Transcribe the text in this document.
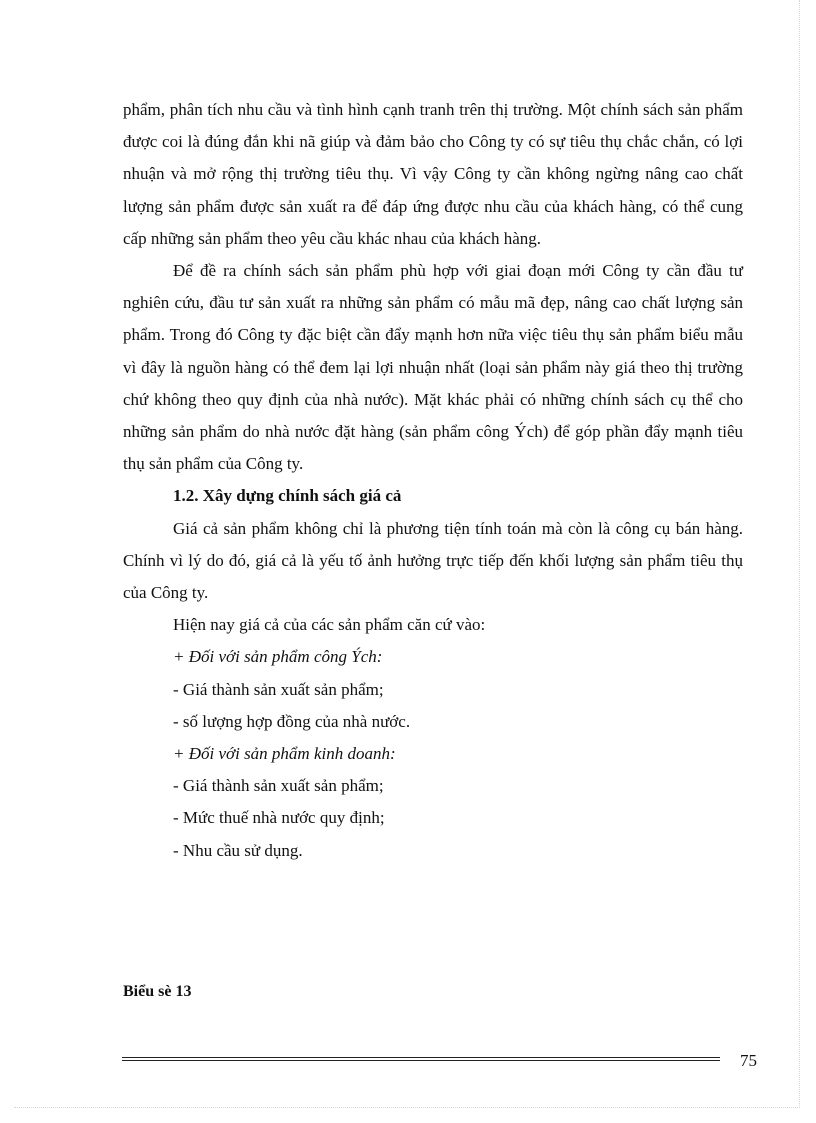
phẩm, phân tích nhu cầu và tình hình cạnh tranh trên thị trường. Một chính sách sản phẩm được coi là đúng đắn khi nã giúp và đảm bảo cho Công ty có sự tiêu thụ chắc chắn, có lợi nhuận và mở rộng thị trường tiêu thụ. Vì vậy Công ty cần không ngừng nâng cao chất lượng sản phẩm được sản xuất ra để đáp ứng được nhu cầu của khách hàng, có thể cung cấp những sản phẩm theo yêu cầu khác nhau của khách hàng.

Để đề ra chính sách sản phẩm phù hợp với giai đoạn mới Công ty cần đầu tư nghiên cứu, đầu tư sản xuất ra những sản phẩm có mẫu mã đẹp, nâng cao chất lượng sản phẩm. Trong đó Công ty đặc biệt cần đẩy mạnh hơn nữa việc tiêu thụ sản phẩm biểu mẫu vì đây là nguồn hàng có thể đem lại lợi nhuận nhất (loại sản phẩm này giá theo thị trường chứ không theo quy định của nhà nước). Mặt khác phải có những chính sách cụ thể cho những sản phẩm do nhà nước đặt hàng (sản phẩm công Ých) để góp phần đẩy mạnh tiêu thụ sản phẩm của Công ty.

1.2. Xây dựng chính sách giá cả

Giá cả sản phẩm không chỉ là phương tiện tính toán mà còn là công cụ bán hàng. Chính vì lý do đó, giá cả là yếu tố ảnh hưởng trực tiếp đến khối lượng sản phẩm tiêu thụ của Công ty.

Hiện nay giá cả của các sản phẩm căn cứ vào:

+ Đối với sản phẩm công Ých:

- Giá thành sản xuất sản phẩm;

- số lượng hợp đồng của nhà nước.

+ Đối với sản phẩm kinh doanh:

- Giá thành sản xuất sản phẩm;

- Mức thuế nhà nước quy định;

- Nhu cầu sử dụng.

Biểu sè 13
75
